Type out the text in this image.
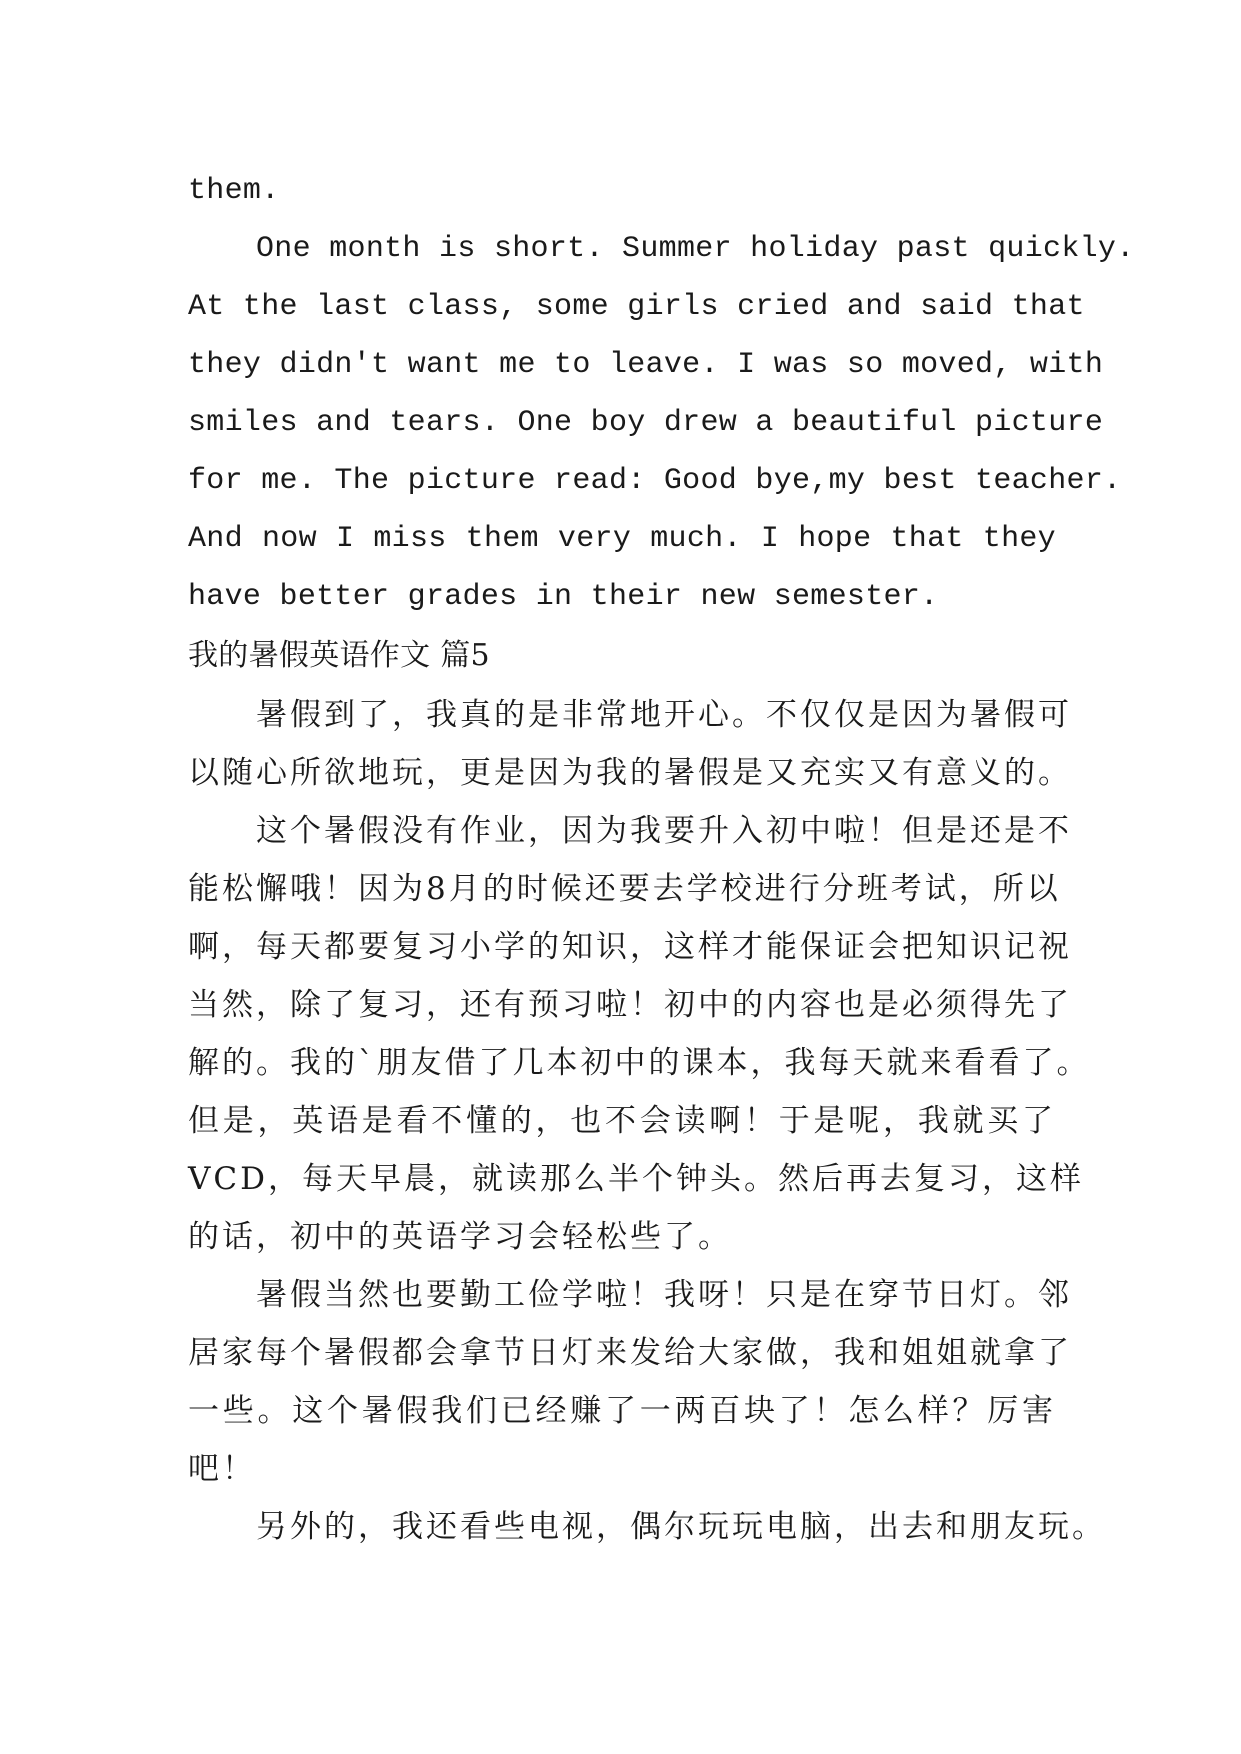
them.
One month is short. Summer holiday past quickly.
At the last class, some girls cried and said that
they didn't want me to leave. I was so moved, with
smiles and tears. One boy drew a beautiful picture
for me. The picture read: Good bye,my best teacher.
And now I miss them very much. I hope that they
have better grades in their new semester.
我的暑假英语作文 篇5
暑假到了，我真的是非常地开心。不仅仅是因为暑假可
以随心所欲地玩，更是因为我的暑假是又充实又有意义的。
这个暑假没有作业，因为我要升入初中啦！但是还是不
能松懈哦！因为8月的时候还要去学校进行分班考试，所以
啊，每天都要复习小学的知识，这样才能保证会把知识记祝
当然，除了复习，还有预习啦！初中的内容也是必须得先了
解的。我的`朋友借了几本初中的课本，我每天就来看看了。
但是，英语是看不懂的，也不会读啊！于是呢，我就买了
VCD，每天早晨，就读那么半个钟头。然后再去复习，这样
的话，初中的英语学习会轻松些了。
暑假当然也要勤工俭学啦！我呀！只是在穿节日灯。邻
居家每个暑假都会拿节日灯来发给大家做，我和姐姐就拿了
一些。这个暑假我们已经赚了一两百块了！怎么样？厉害
吧！
另外的，我还看些电视，偶尔玩玩电脑，出去和朋友玩。
